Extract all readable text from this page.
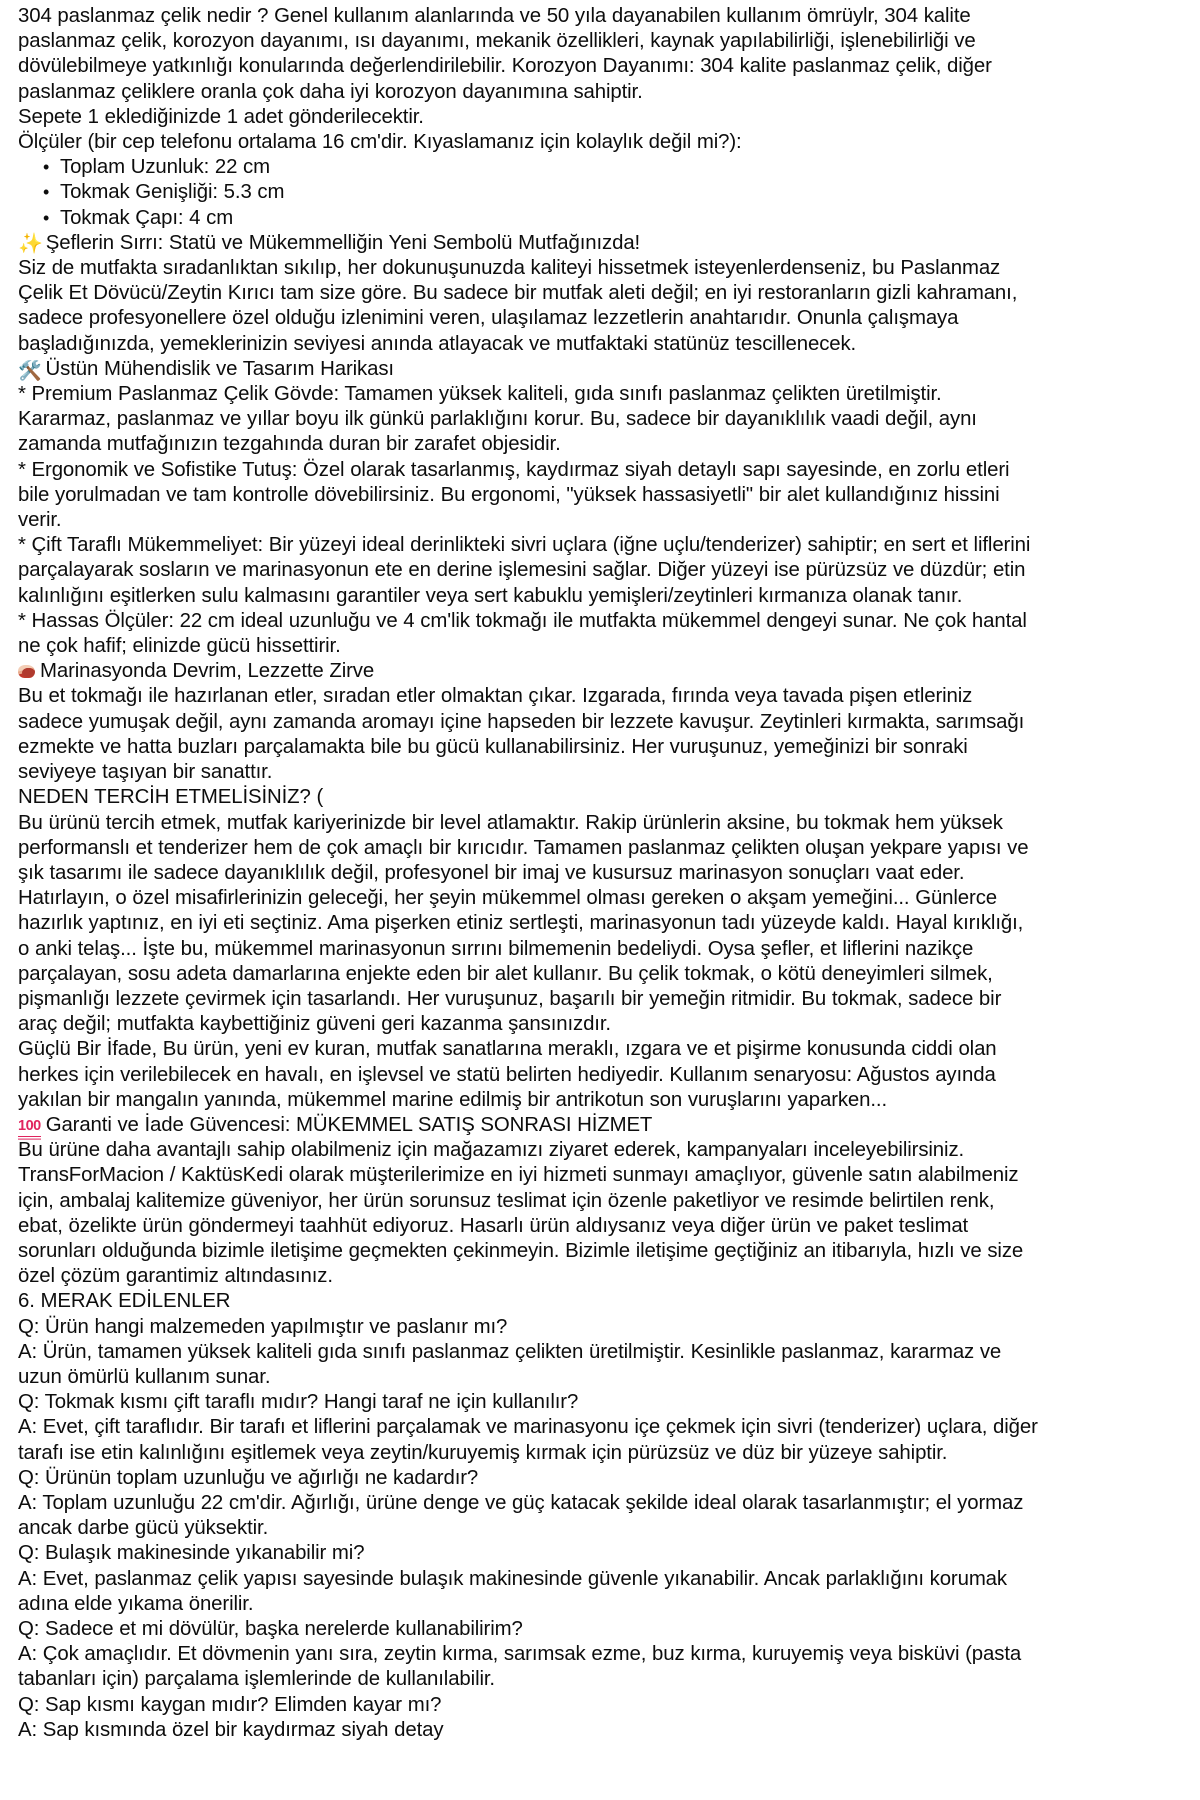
304 paslanmaz çelik nedir ? Genel kullanım alanlarında ve 50 yıla dayanabilen kullanım ömrüylr, 304 kalite paslanmaz çelik, korozyon dayanımı, ısı dayanımı, mekanik özellikleri, kaynak yapılabilirliği, işlenebilirliği ve dövülebilmeye yatkınlığı konularında değerlendirilebilir. Korozyon Dayanımı: 304 kalite paslanmaz çelik, diğer paslanmaz çeliklere oranla çok daha iyi korozyon dayanımına sahiptir.

Sepete 1 eklediğinizde 1 adet gönderilecektir.

Ölçüler (bir cep telefonu ortalama 16 cm'dir. Kıyaslamanız için kolaylık değil mi?):

• Toplam Uzunluk: 22 cm
• Tokmak Genişliği: 5.3 cm
• Tokmak Çapı: 4 cm

✨ Şeflerin Sırrı: Statü ve Mükemmelliğin Yeni Sembolü Mutfağınızda!

Siz de mutfakta sıradanlıktan sıkılıp, her dokunuşunuzda kaliteyi hissetmek isteyenlerdenseniz, bu Paslanmaz Çelik Et Dövücü/Zeytin Kırıcı tam size göre. Bu sadece bir mutfak aleti değil; en iyi restoranların gizli kahramanı, sadece profesyonellere özel olduğu izlenimini veren, ulaşılamaz lezzetlerin anahtarıdır. Onunla çalışmaya başladığınızda, yemeklerinizin seviyesi anında atlayacak ve mutfaktaki statünüz tescillenecek.

🛠️ Üstün Mühendislik ve Tasarım Harikası

* Premium Paslanmaz Çelik Gövde: Tamamen yüksek kaliteli, gıda sınıfı paslanmaz çelikten üretilmiştir. Kararmaz, paslanmaz ve yıllar boyu ilk günkü parlaklığını korur. Bu, sadece bir dayanıklılık vaadi değil, aynı zamanda mutfağınızın tezgahında duran bir zarafet objesidir.

* Ergonomik ve Sofistike Tutuş: Özel olarak tasarlanmış, kaydırmaz siyah detaylı sapı sayesinde, en zorlu etleri bile yorulmadan ve tam kontrolle dövebilirsiniz. Bu ergonomi, "yüksek hassasiyetli" bir alet kullandığınız hissini verir.

* Çift Taraflı Mükemmeliyet: Bir yüzeyi ideal derinlikteki sivri uçlara (iğne uçlu/tenderizer) sahiptir; en sert et liflerini parçalayarak sosların ve marinasyonun ete en derine işlemesini sağlar. Diğer yüzeyi ise pürüzsüz ve düzdür; etin kalınlığını eşitlerken sulu kalmasını garantiler veya sert kabuklu yemişleri/zeytinleri kırmanıza olanak tanır.

* Hassas Ölçüler: 22 cm ideal uzunluğu ve 4 cm'lik tokmağı ile mutfakta mükemmel dengeyi sunar. Ne çok hantal ne çok hafif; elinizde gücü hissettirir.

Marinasyonda Devrim, Lezzette Zirve

Bu et tokmağı ile hazırlanan etler, sıradan etler olmaktan çıkar. Izgarada, fırında veya tavada pişen etleriniz sadece yumuşak değil, aynı zamanda aromayı içine hapseden bir lezzete kavuşur. Zeytinleri kırmakta, sarımsağı ezmekte ve hatta buzları parçalamakta bile bu gücü kullanabilirsiniz. Her vuruşunuz, yemeğinizi bir sonraki seviyeye taşıyan bir sanattır.

NEDEN TERCİH ETMELİSİNİZ? (

Bu ürünü tercih etmek, mutfak kariyerinizde bir level atlamaktır. Rakip ürünlerin aksine, bu tokmak hem yüksek performanslı et tenderizer hem de çok amaçlı bir kırıcıdır. Tamamen paslanmaz çelikten oluşan yekpare yapısı ve şık tasarımı ile sadece dayanıklılık değil, profesyonel bir imaj ve kusursuz marinasyon sonuçları vaat eder.

Hatırlayın, o özel misafirlerinizin geleceği, her şeyin mükemmel olması gereken o akşam yemeğini... Günlerce hazırlık yaptınız, en iyi eti seçtiniz. Ama pişerken etiniz sertleşti, marinasyonun tadı yüzeyde kaldı. Hayal kırıklığı, o anki telaş... İşte bu, mükemmel marinasyonun sırrını bilmemenin bedeliydi. Oysa şefler, et liflerini nazikçe parçalayan, sosu adeta damarlarına enjekte eden bir alet kullanır. Bu çelik tokmak, o kötü deneyimleri silmek, pişmanlığı lezzete çevirmek için tasarlandı. Her vuruşunuz, başarılı bir yemeğin ritmidir. Bu tokmak, sadece bir araç değil; mutfakta kaybettiğiniz güveni geri kazanma şansınızdır.

Güçlü Bir İfade, Bu ürün, yeni ev kuran, mutfak sanatlarına meraklı, ızgara ve et pişirme konusunda ciddi olan herkes için verilebilecek en havalı, en işlevsel ve statü belirten hediyedir. Kullanım senaryosu: Ağustos ayında yakılan bir mangalın yanında, mükemmel marine edilmiş bir antrikotun son vuruşlarını yaparken...

100 Garanti ve İade Güvencesi: MÜKEMMEL SATIŞ SONRASI HİZMET

Bu ürüne daha avantajlı sahip olabilmeniz için mağazamızı ziyaret ederek, kampanyaları inceleyebilirsiniz. TransForMacion / KaktüsKedi olarak müşterilerimize en iyi hizmeti sunmayı amaçlıyor, güvenle satın alabilmeniz için, ambalaj kalitemize güveniyor, her ürün sorunsuz teslimat için özenle paketliyor ve resimde belirtilen renk, ebat, özelikte ürün göndermeyi taahhüt ediyoruz. Hasarlı ürün aldıysanız veya diğer ürün ve paket teslimat sorunları olduğunda bizimle iletişime geçmekten çekinmeyin. Bizimle iletişime geçtiğiniz an itibarıyla, hızlı ve size özel çözüm garantimiz altındasınız.

6. MERAK EDİLENLER

Q: Ürün hangi malzemeden yapılmıştır ve paslanır mı?

A: Ürün, tamamen yüksek kaliteli gıda sınıfı paslanmaz çelikten üretilmiştir. Kesinlikle paslanmaz, kararmaz ve uzun ömürlü kullanım sunar.

Q: Tokmak kısmı çift taraflı mıdır? Hangi taraf ne için kullanılır?

A: Evet, çift taraflıdır. Bir tarafı et liflerini parçalamak ve marinasyonu içe çekmek için sivri (tenderizer) uçlara, diğer tarafı ise etin kalınlığını eşitlemek veya zeytin/kuruyemiş kırmak için pürüzsüz ve düz bir yüzeye sahiptir.

Q: Ürünün toplam uzunluğu ve ağırlığı ne kadardır?

A: Toplam uzunluğu 22 cm'dir. Ağırlığı, ürüne denge ve güç katacak şekilde ideal olarak tasarlanmıştır; el yormaz ancak darbe gücü yüksektir.

Q: Bulaşık makinesinde yıkanabilir mi?

A: Evet, paslanmaz çelik yapısı sayesinde bulaşık makinesinde güvenle yıkanabilir. Ancak parlaklığını korumak adına elde yıkama önerilir.

Q: Sadece et mi dövülür, başka nerelerde kullanabilirim?

A: Çok amaçlıdır. Et dövmenin yanı sıra, zeytin kırma, sarımsak ezme, buz kırma, kuruyemiş veya bisküvi (pasta tabanları için) parçalama işlemlerinde de kullanılabilir.

Q: Sap kısmı kaygan mıdır? Elimden kayar mı?

A: Sap kısmında özel bir kaydırmaz siyah detay
